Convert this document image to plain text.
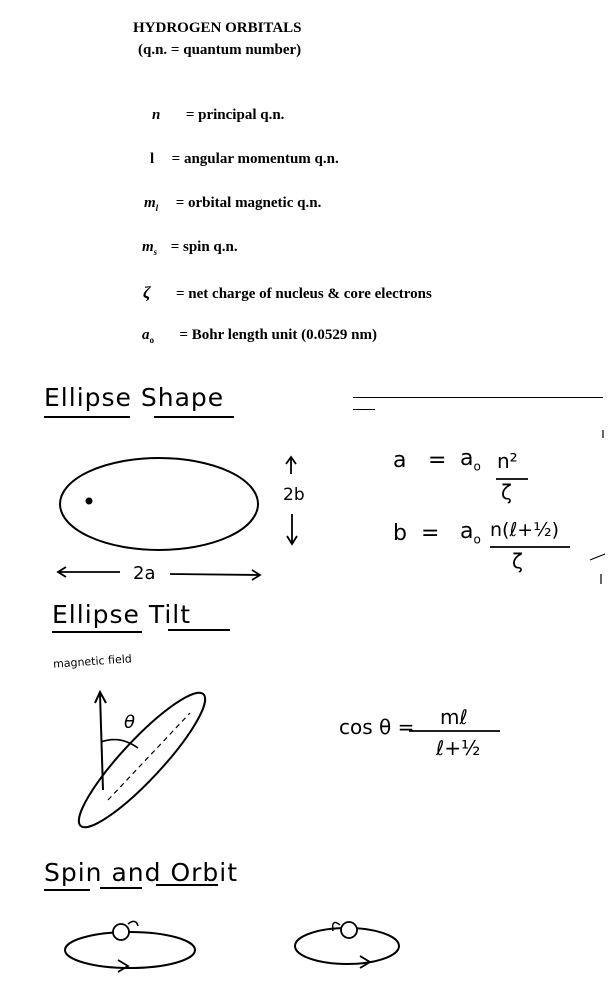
HYDROGEN ORBITALS
(q.n. = quantum number)
n = principal q.n.
l = angular momentum q.n.
$m_l$ = orbital magnetic q.n.
$m_s$ = spin q.n.
ζ = net charge of nucleus & core electrons
$a_o$ = Bohr length unit (0.0529 nm)
Ellipse Shape
2b
2a
$a = a_o$ n²
ζ
$b = a_o$ n(ℓ+½)
ζ
Ellipse Tilt
magnetic field
θ	cos θ = mℓ
ℓ+½
Spin and Orbit
